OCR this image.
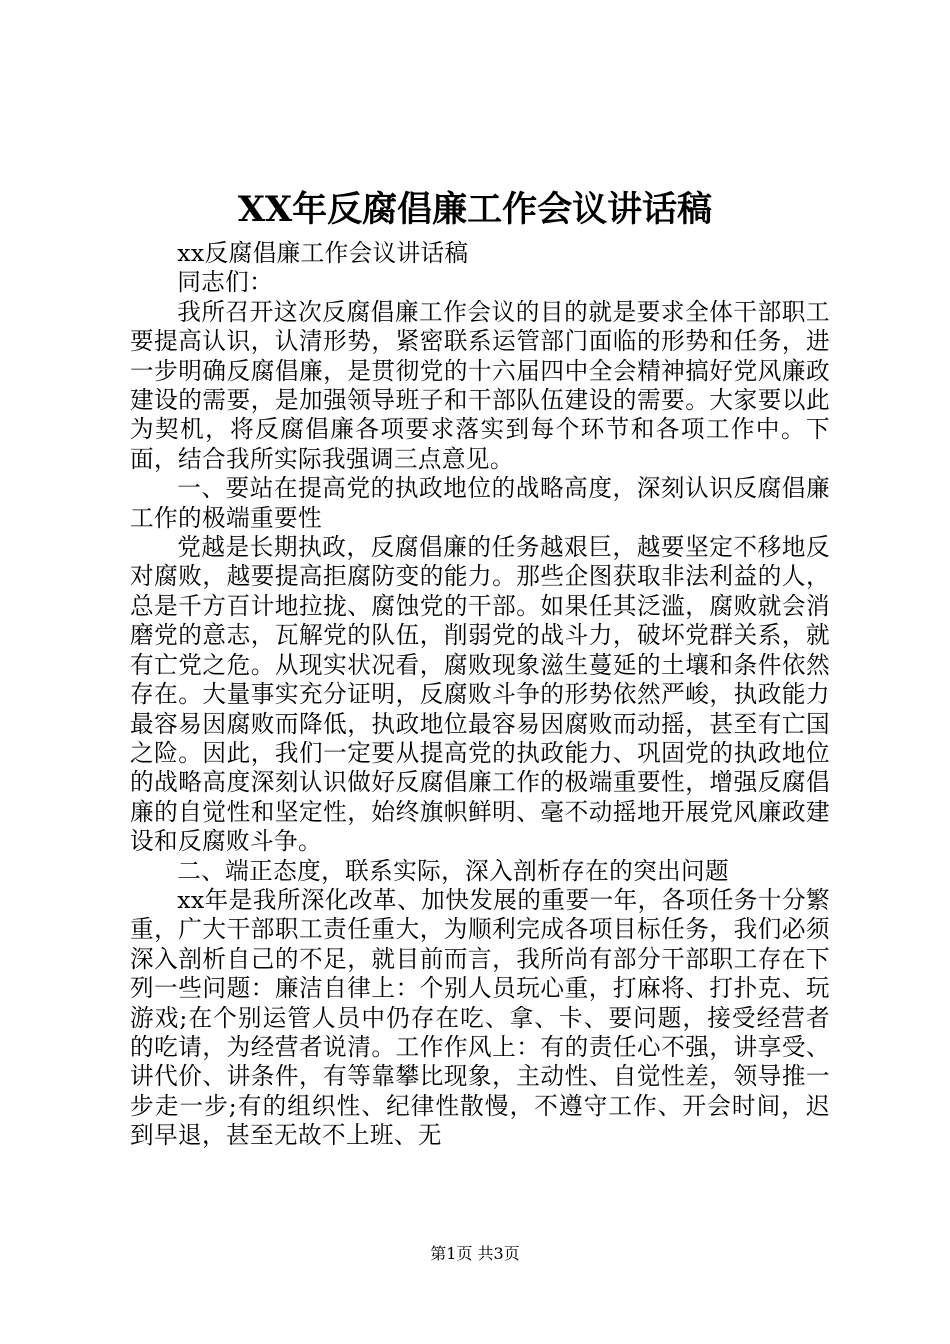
XX年反腐倡廉工作会议讲话稿

xx反腐倡廉工作会议讲话稿

同志们：

我所召开这次反腐倡廉工作会议的目的就是要求全体干部职工要提高认识，认清形势，紧密联系运管部门面临的形势和任务，进一步明确反腐倡廉，是贯彻党的十六届四中全会精神搞好党风廉政建设的需要，是加强领导班子和干部队伍建设的需要。大家要以此为契机，将反腐倡廉各项要求落实到每个环节和各项工作中。下面，结合我所实际我强调三点意见。

一、要站在提高党的执政地位的战略高度，深刻认识反腐倡廉工作的极端重要性

党越是长期执政，反腐倡廉的任务越艰巨，越要坚定不移地反对腐败，越要提高拒腐防变的能力。那些企图获取非法利益的人，总是千方百计地拉拢、腐蚀党的干部。如果任其泛滥，腐败就会消磨党的意志，瓦解党的队伍，削弱党的战斗力，破坏党群关系，就有亡党之危。从现实状况看，腐败现象滋生蔓延的土壤和条件依然存在。大量事实充分证明，反腐败斗争的形势依然严峻，执政能力最容易因腐败而降低，执政地位最容易因腐败而动摇，甚至有亡国之险。因此，我们一定要从提高党的执政能力、巩固党的执政地位的战略高度深刻认识做好反腐倡廉工作的极端重要性，增强反腐倡廉的自觉性和坚定性，始终旗帜鲜明、毫不动摇地开展党风廉政建设和反腐败斗争。

二、端正态度，联系实际，深入剖析存在的突出问题

xx年是我所深化改革、加快发展的重要一年，各项任务十分繁重，广大干部职工责任重大，为顺利完成各项目标任务，我们必须深入剖析自己的不足，就目前而言，我所尚有部分干部职工存在下列一些问题：廉洁自律上：个别人员玩心重，打麻将、打扑克、玩游戏;在个别运管人员中仍存在吃、拿、卡、要问题，接受经营者的吃请，为经营者说清。工作作风上：有的责任心不强，讲享受、讲代价、讲条件，有等靠攀比现象，主动性、自觉性差，领导推一步走一步;有的组织性、纪律性散慢，不遵守工作、开会时间，迟到早退，甚至无故不上班、无

第1页 共3页
